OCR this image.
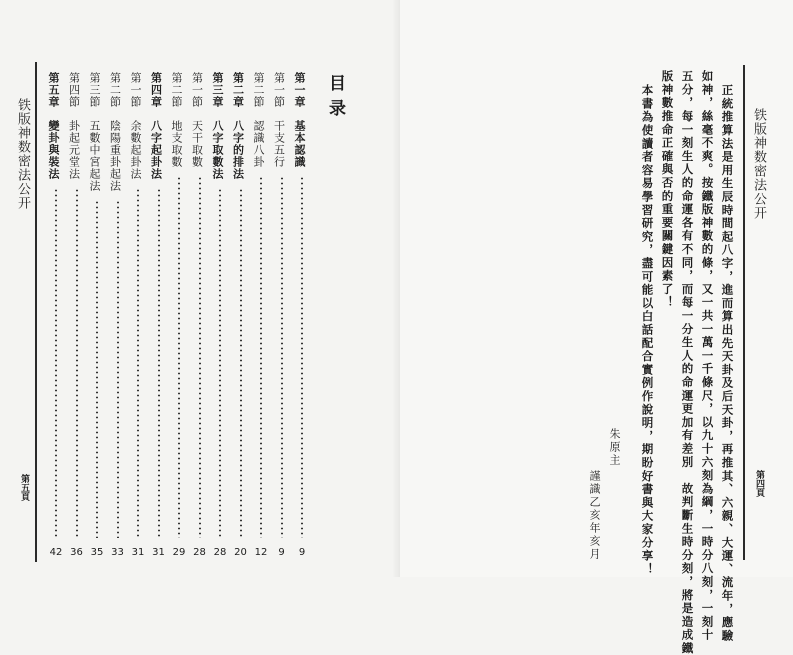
铁版神数密法公开
第五頁
目录
第一章　基本認識
9
第一節　干支五行
9
第二節　認識八卦
12
第二章　八字的排法
20
第三章　八字取數法
28
第一節　天干取數
28
第二節　地支取數
29
第四章　八字起卦法
31
第一節　余數起卦法
31
第二節　陰陽重卦起法
33
第三節　五數中宮起法
35
第四節　卦起元堂法
36
第五章　變卦與裝法
42
铁版神数密法公开
第四頁
正統推算法是用生辰時間起八字，進而算出先天卦及后天卦，再推其、六親、大運、流年，應驗
如神，絲毫不爽。按鐵版神數的條，又一共一萬一千條尺，以九十六刻為綱，一時分八刻，一刻十
五分，每一刻生人的命運各有不同，而每一分生人的命運更加有差別　故判斷生時分刻，將是造成鐵
版神數推命正確與否的重要關鍵因素了！
本書為使讀者容易學習研究，盡可能以白話配合實例作說明，期盼好書與大家分享！
朱原主
謹識乙亥年亥月
